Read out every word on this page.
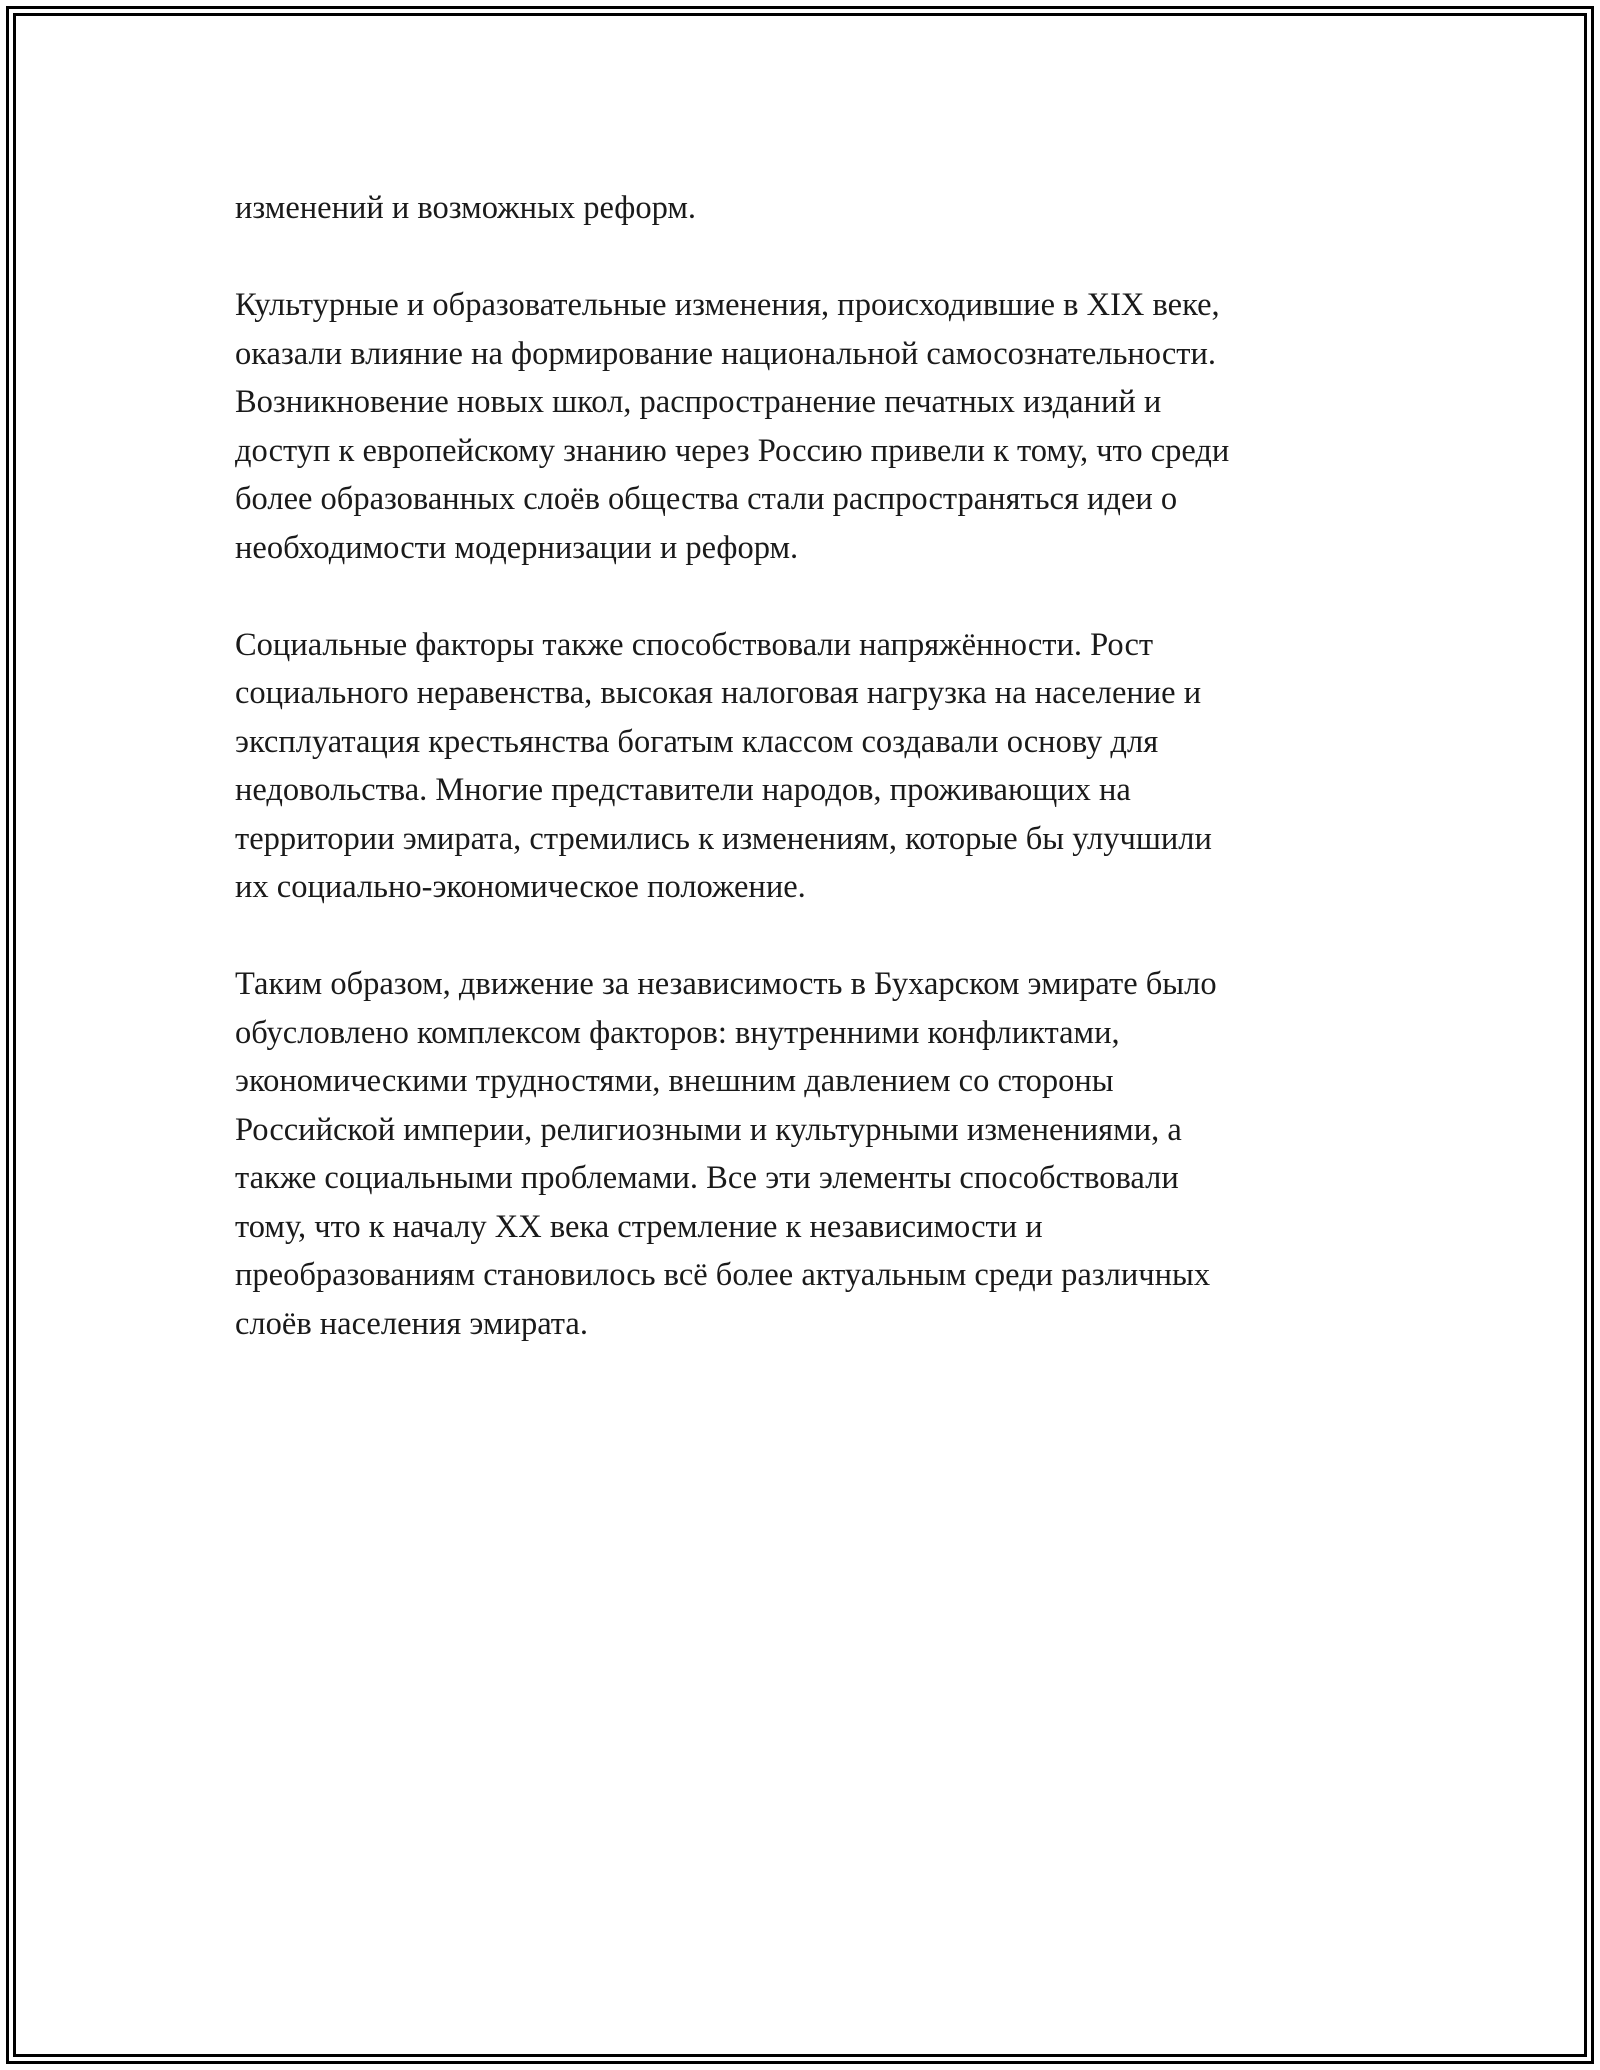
изменений и возможных реформ.

Культурные и образовательные изменения, происходившие в XIX веке,
оказали влияние на формирование национальной самосознательности.
Возникновение новых школ, распространение печатных изданий и
доступ к европейскому знанию через Россию привели к тому, что среди
более образованных слоёв общества стали распространяться идеи о
необходимости модернизации и реформ.

Социальные факторы также способствовали напряжённости. Рост
социального неравенства, высокая налоговая нагрузка на население и
эксплуатация крестьянства богатым классом создавали основу для
недовольства. Многие представители народов, проживающих на
территории эмирата, стремились к изменениям, которые бы улучшили
их социально-экономическое положение.

Таким образом, движение за независимость в Бухарском эмирате было
обусловлено комплексом факторов: внутренними конфликтами,
экономическими трудностями, внешним давлением со стороны
Российской империи, религиозными и культурными изменениями, а
также социальными проблемами. Все эти элементы способствовали
тому, что к началу XX века стремление к независимости и
преобразованиям становилось всё более актуальным среди различных
слоёв населения эмирата.
